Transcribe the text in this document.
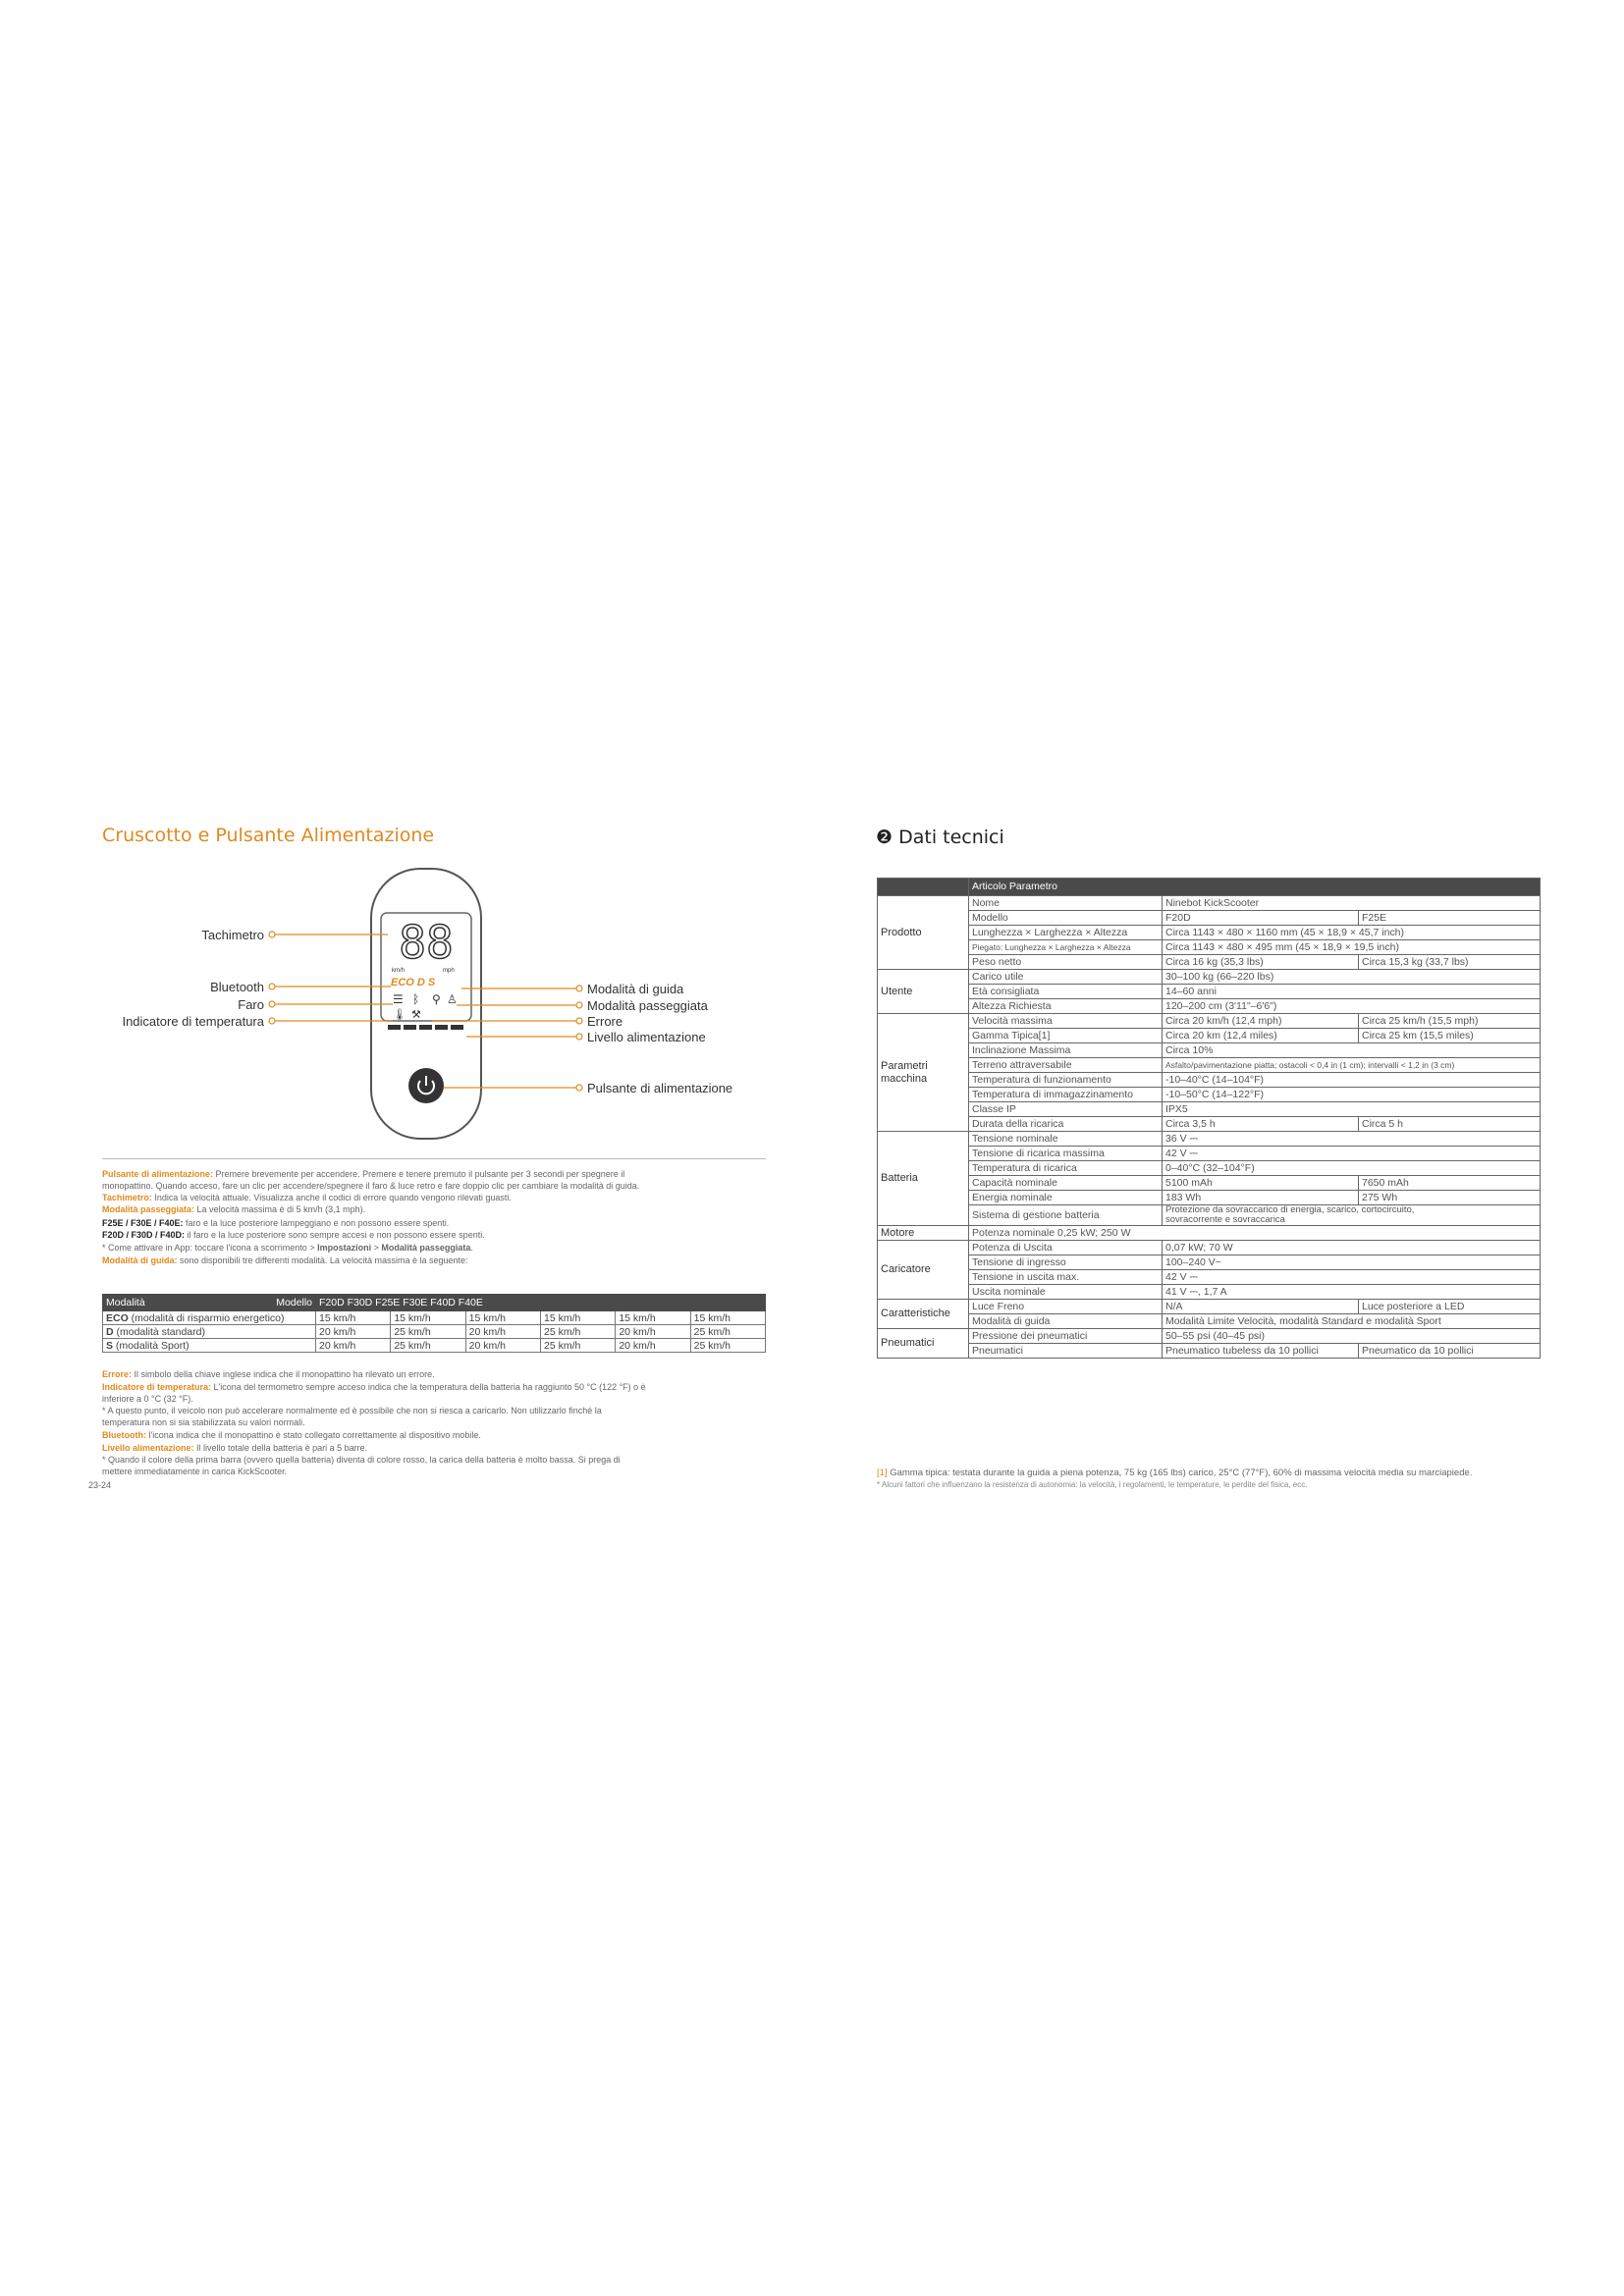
Cruscotto e Pulsante Alimentazione
88
km/h	mph
ECO D S
☰ ᛒ ⚲ ♙
🌡 ⚒
Tachimetro
Bluetooth
Faro
Indicatore di temperatura
Modalità di guida
Modalità passeggiata
Errore
Livello alimentazione
Pulsante di alimentazione
Pulsante di alimentazione: Premere brevemente per accendere. Premere e tenere premuto il pulsante per 3 secondi per spegnere il
monopattino. Quando acceso, fare un clic per accendere/spegnere il faro & luce retro e fare doppio clic per cambiare la modalità di guida.
Tachimetro: Indica la velocità attuale. Visualizza anche il codici di errore quando vengono rilevati guasti.
Modalità passeggiata: La velocità massima è di 5 km/h (3,1 mph).
F25E / F30E / F40E: faro e la luce posteriore lampeggiano e non possono essere spenti.
F20D / F30D / F40D: il faro e la luce posteriore sono sempre accesi e non possono essere spenti.
* Come attivare in App: toccare l'icona a scorrimento > Impostazioni > Modalità passeggiata.
Modalità di guida: sono disponibili tre differenti modalità. La velocità massima è la seguente:
Modalità Modello	F20D F30D F25E F30E F40D F40E					
ECO (modalità di risparmio energetico)	15 km/h	15 km/h	15 km/h	15 km/h	15 km/h	15 km/h
D (modalità standard)	20 km/h	25 km/h	20 km/h	25 km/h	20 km/h	25 km/h
S (modalità Sport)	20 km/h	25 km/h	20 km/h	25 km/h	20 km/h	25 km/h
Errore: Il simbolo della chiave inglese indica che il monopattino ha rilevato un errore.
Indicatore di temperatura: L'icona del termometro sempre acceso indica che la temperatura della batteria ha raggiunto 50 °C (122 °F) o è
inferiore a 0 °C (32 °F).
* A questo punto, il veicolo non può accelerare normalmente ed è possibile che non si riesca a caricarlo. Non utilizzarlo finché la
temperatura non si sia stabilizzata su valori normali.
Bluetooth: l'icona indica che il monopattino è stato collegato correttamente al dispositivo mobile.
Livello alimentazione: Il livello totale della batteria è pari a 5 barre.
* Quando il colore della prima barra (ovvero quella batteria) diventa di colore rosso, la carica della batteria è molto bassa. Si prega di
mettere immediatamente in carica KickScooter.
23-24
❷ Dati tecnici
	Articolo Parametro		
Prodotto	Nome	Ninebot KickScooter	
	Modello	F20D	F25E
	Lunghezza × Larghezza × Altezza	Circa 1143 × 480 × 1160 mm (45 × 18,9 × 45,7 inch)	
	Piegato: Lunghezza × Larghezza × Altezza	Circa 1143 × 480 × 495 mm (45 × 18,9 × 19,5 inch)	
	Peso netto	Circa 16 kg (35,3 lbs)	Circa 15,3 kg (33,7 lbs)
Utente	Carico utile	30–100 kg (66–220 lbs)	
	Età consigliata	14–60 anni	
	Altezza Richiesta	120–200 cm (3'11"–6'6")	
Parametri macchina	Velocità massima	Circa 20 km/h (12,4 mph)	Circa 25 km/h (15,5 mph)
	Gamma Tipica[1]	Circa 20 km (12,4 miles)	Circa 25 km (15,5 miles)
	Inclinazione Massima	Circa 10%	
	Terreno attraversabile	Asfalto/pavimentazione piatta; ostacoli < 0,4 in (1 cm); intervalli < 1,2 in (3 cm)	
	Temperatura di funzionamento	-10–40°C (14–104°F)	
	Temperatura di immagazzinamento	-10–50°C (14–122°F)	
	Classe IP	IPX5	
	Durata della ricarica	Circa 3,5 h	Circa 5 h
Batteria	Tensione nominale	36 V ⎓	
	Tensione di ricarica massima	42 V ⎓	
	Temperatura di ricarica	0–40°C (32–104°F)	
	Capacità nominale	5100 mAh	7650 mAh
	Energia nominale	183 Wh	275 Wh
	Sistema di gestione batteria	Protezione da sovraccarico di energia, scarico, cortocircuito,
sovracorrente e sovraccarica	
Motore	Potenza nominale 0,25 kW; 250 W		
Caricatore	Potenza di Uscita	0,07 kW; 70 W	
	Tensione di ingresso	100–240 V~	
	Tensione in uscita max.	42 V ⎓	
	Uscita nominale	41 V ⎓, 1,7 A	
Caratteristiche	Luce Freno	N/A	Luce posteriore a LED
	Modalità di guida	Modalità Limite Velocità, modalità Standard e modalità Sport	
Pneumatici	Pressione dei pneumatici	50–55 psi (40–45 psi)	
	Pneumatici	Pneumatico tubeless da 10 pollici	Pneumatico da 10 pollici
[1] Gamma tipica: testata durante la guida a piena potenza, 75 kg (165 lbs) carico, 25°C (77°F), 60% di massima velocità media su marciapiede.
* Alcuni fattori che influenzano la resistenza di autonomia: la velocità, i regolamenti, le temperature, le perdite del fisica, ecc.
